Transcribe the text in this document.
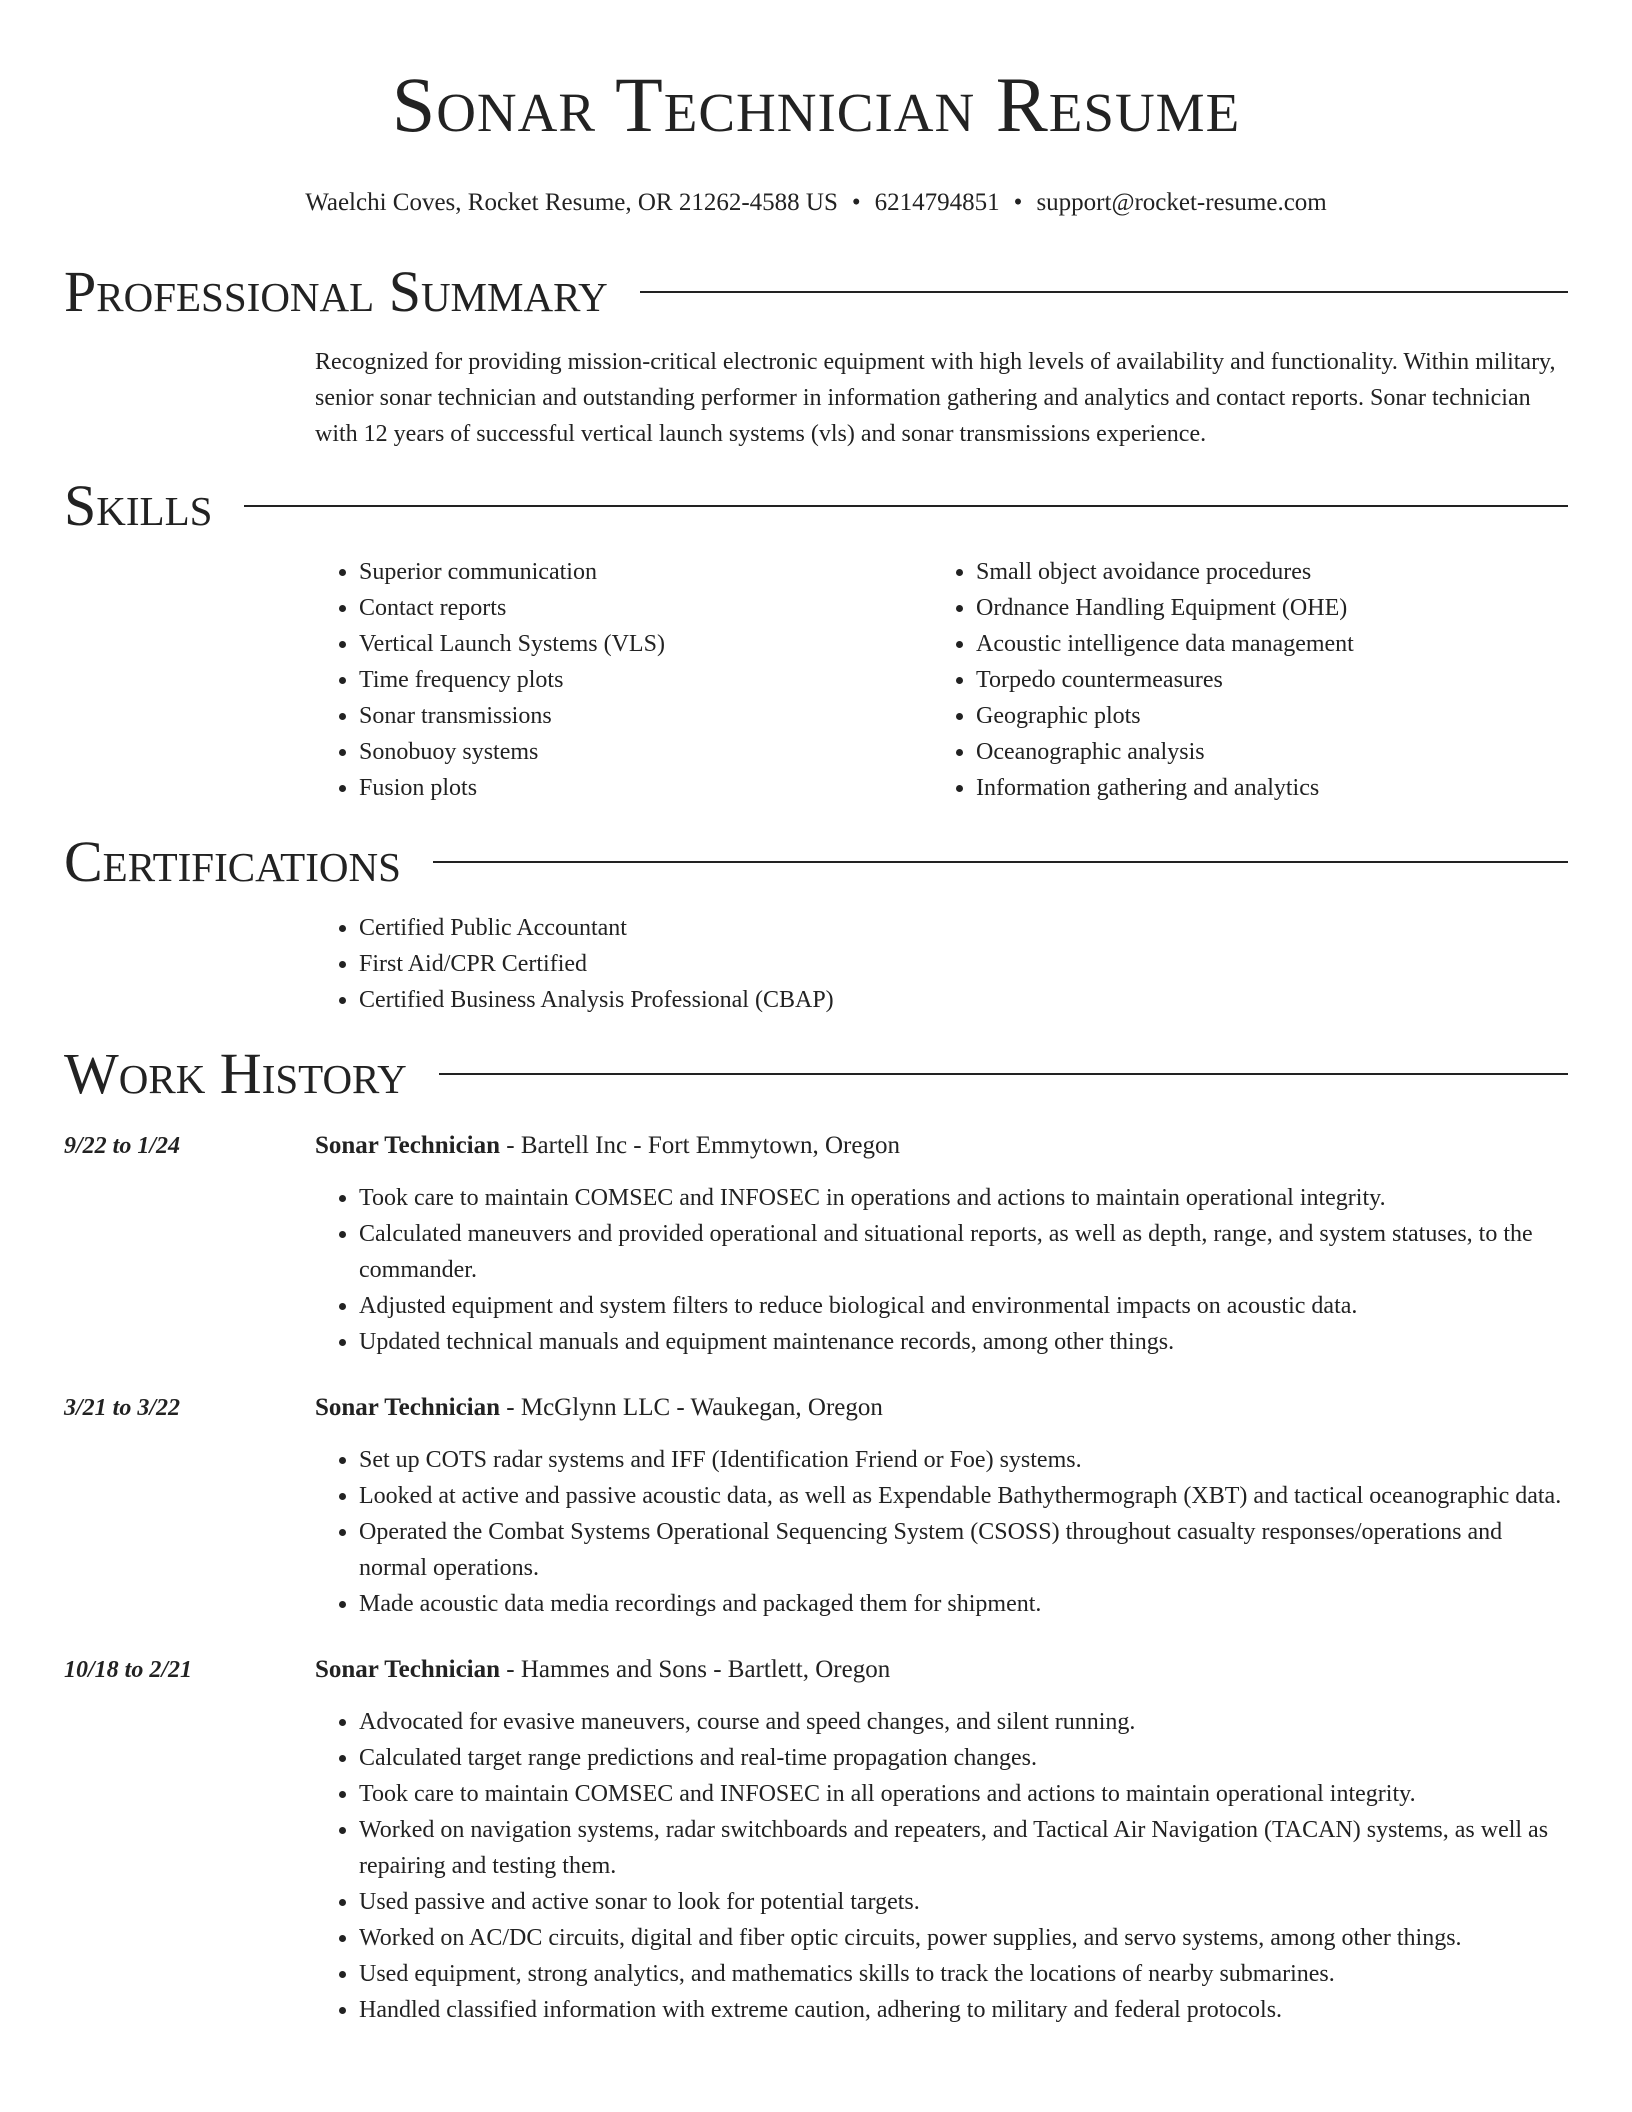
Sonar Technician Resume
Waelchi Coves, Rocket Resume, OR 21262-4588 US • 6214794851 • support@rocket-resume.com
Professional Summary

Recognized for providing mission-critical electronic equipment with high levels of availability and functionality. Within military, senior sonar technician and outstanding performer in information gathering and analytics and contact reports. Sonar technician with 12 years of successful vertical launch systems (vls) and sonar transmissions experience.

Skills
• Superior communication
• Contact reports
• Vertical Launch Systems (VLS)
• Time frequency plots
• Sonar transmissions
• Sonobuoy systems
• Fusion plots
• Small object avoidance procedures
• Ordnance Handling Equipment (OHE)
• Acoustic intelligence data management
• Torpedo countermeasures
• Geographic plots
• Oceanographic analysis
• Information gathering and analytics
Certifications
• Certified Public Accountant
• First Aid/CPR Certified
• Certified Business Analysis Professional (CBAP)
Work History
9/22 to 1/24	Sonar Technician - Bartell Inc - Fort Emmytown, Oregon
• Took care to maintain COMSEC and INFOSEC in operations and actions to maintain operational integrity.
• Calculated maneuvers and provided operational and situational reports, as well as depth, range, and system statuses, to the commander.
• Adjusted equipment and system filters to reduce biological and environmental impacts on acoustic data.
• Updated technical manuals and equipment maintenance records, among other things.
3/21 to 3/22	Sonar Technician - McGlynn LLC - Waukegan, Oregon
• Set up COTS radar systems and IFF (Identification Friend or Foe) systems.
• Looked at active and passive acoustic data, as well as Expendable Bathythermograph (XBT) and tactical oceanographic data.
• Operated the Combat Systems Operational Sequencing System (CSOSS) throughout casualty responses/operations and normal operations.
• Made acoustic data media recordings and packaged them for shipment.
10/18 to 2/21	Sonar Technician - Hammes and Sons - Bartlett, Oregon
• Advocated for evasive maneuvers, course and speed changes, and silent running.
• Calculated target range predictions and real-time propagation changes.
• Took care to maintain COMSEC and INFOSEC in all operations and actions to maintain operational integrity.
• Worked on navigation systems, radar switchboards and repeaters, and Tactical Air Navigation (TACAN) systems, as well as repairing and testing them.
• Used passive and active sonar to look for potential targets.
• Worked on AC/DC circuits, digital and fiber optic circuits, power supplies, and servo systems, among other things.
• Used equipment, strong analytics, and mathematics skills to track the locations of nearby submarines.
• Handled classified information with extreme caution, adhering to military and federal protocols.
